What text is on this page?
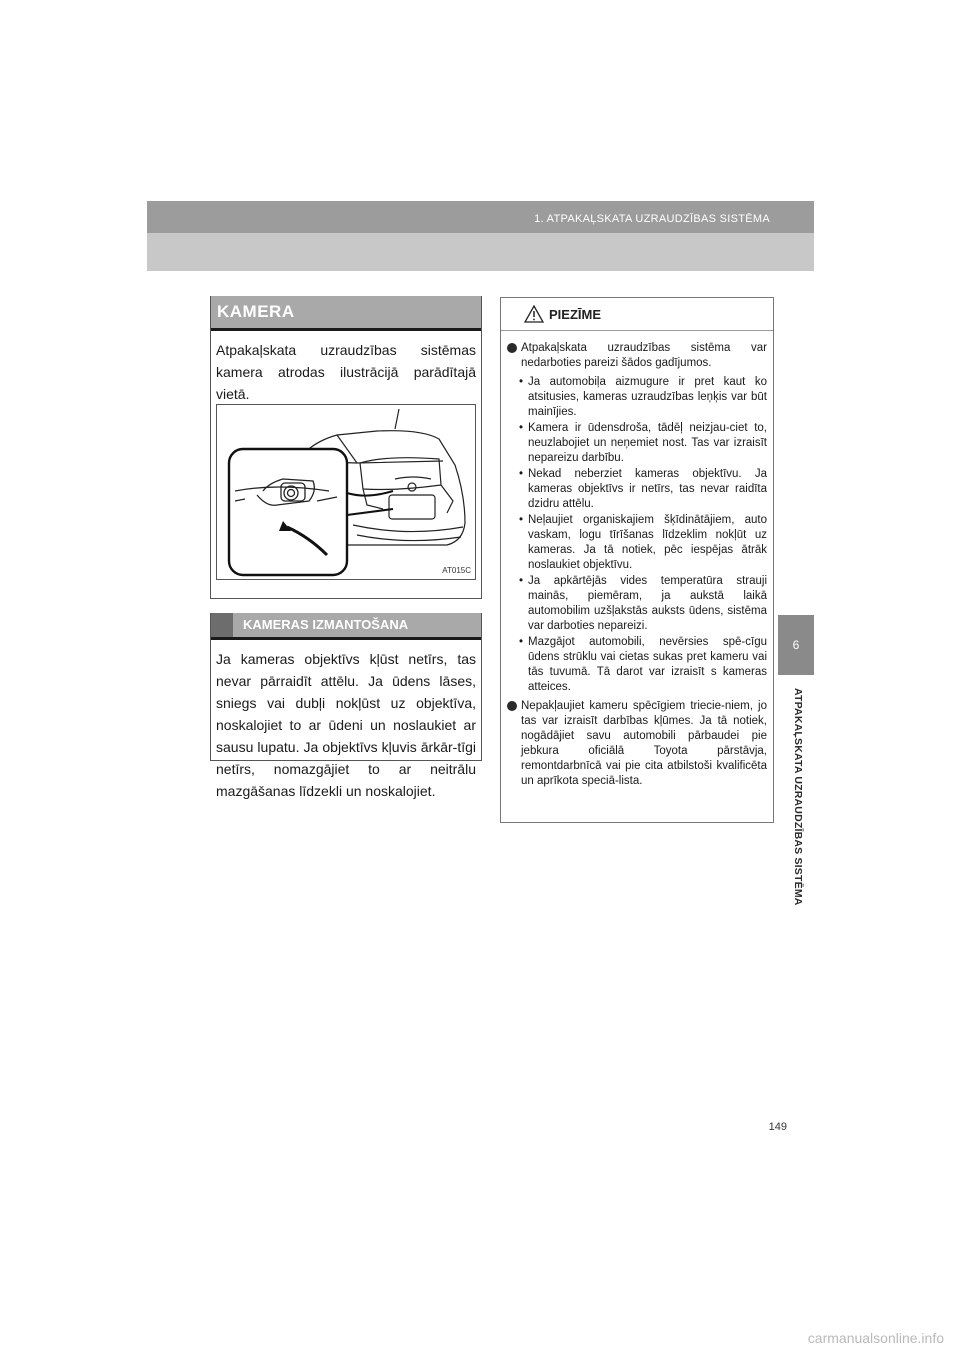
1. ATPAKAĻSKATA UZRAUDZĪBAS SISTĒMA
6
ATPAKAĻSKATA UZRAUDZĪBAS SISTĒMA
KAMERA
Atpakaļskata uzraudzības sistēmas kamera atrodas ilustrācijā parādītajā vietā.
AT015C
KAMERAS IZMANTOŠANA
Ja kameras objektīvs kļūst netīrs, tas nevar pārraidīt attēlu. Ja ūdens lāses, sniegs vai dubļi nokļūst uz objektīva, noskalojiet to ar ūdeni un noslaukiet ar sausu lupatu. Ja objektīvs kļuvis ārkār-tīgi netīrs, nomazgājiet to ar neitrālu mazgāšanas līdzekli un noskalojiet.
PIEZĪME
Atpakaļskata uzraudzības sistēma var nedarboties pareizi šādos gadījumos.
• Ja automobiļa aizmugure ir pret kaut ko atsitusies, kameras uzraudzības leņķis var būt mainījies.
• Kamera ir ūdensdroša, tādēļ neizjau-ciet to, neuzlabojiet un neņemiet nost. Tas var izraisīt nepareizu darbību.
• Nekad neberziet kameras objektīvu. Ja kameras objektīvs ir netīrs, tas nevar raidīta dzidru attēlu.
• Neļaujiet organiskajiem šķīdinātājiem, auto vaskam, logu tīrīšanas līdzeklim nokļūt uz kameras. Ja tā notiek, pēc iespējas ātrāk noslaukiet objektīvu.
• Ja apkārtējās vides temperatūra strauji mainās, piemēram, ja aukstā laikā automobilim uzšļakstās auksts ūdens, sistēma var darboties nepareizi.
• Mazgājot automobili, nevērsies spē-cīgu ūdens strūklu vai cietas sukas pret kameru vai tās tuvumā. Tā darot var izraisīt s kameras atteices.
Nepakļaujiet kameru spēcīgiem triecie-niem, jo tas var izraisīt darbības kļūmes. Ja tā notiek, nogādājiet savu automobili pārbaudei pie jebkura oficiālā Toyota pārstāvja, remontdarbnīcā vai pie cita atbilstoši kvalificēta un aprīkota speciā-lista.
149
carmanualsonline.info
